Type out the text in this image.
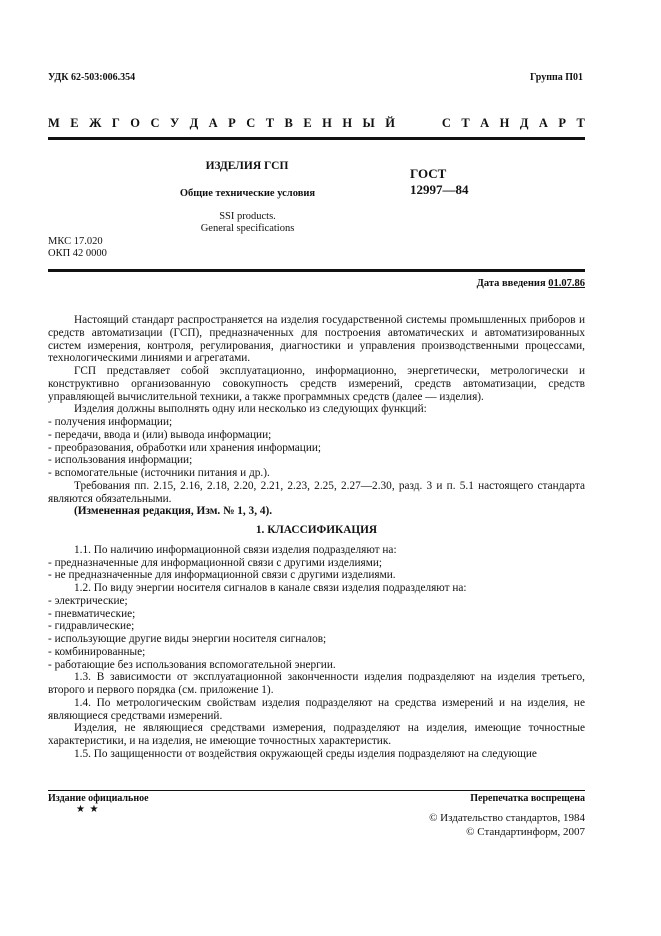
УДК 62-503:006.354	Группа П01
М Е Ж Г О С У Д А Р С Т В Е Н Н Ы Й	С Т А Н Д А Р Т
ИЗДЕЛИЯ ГСП
Общие технические условия
SSI products.
General specifications
ГОСТ
12997—84
МКС 17.020
ОКП 42 0000
Дата введения 01.07.86

Настоящий стандарт распространяется на изделия государственной системы промышленных приборов и средств автоматизации (ГСП), предназначенных для построения автоматических и автоматизированных систем измерения, контроля, регулирования, диагностики и управления производственными процессами, технологическими линиями и агрегатами.

ГСП представляет собой эксплуатационно, информационно, энергетически, метрологически и конструктивно организованную совокупность средств измерений, средств автоматизации, средств управляющей вычислительной техники, а также программных средств (далее — изделия).

Изделия должны выполнять одну или несколько из следующих функций:

- получения информации;

- передачи, ввода и (или) вывода информации;

- преобразования, обработки или хранения информации;

- использования информации;

- вспомогательные (источники питания и др.).

Требования пп. 2.15, 2.16, 2.18, 2.20, 2.21, 2.23, 2.25, 2.27—2.30, разд. 3 и п. 5.1 настоящего стандарта являются обязательными.

(Измененная редакция, Изм. № 1, 3, 4).

1. КЛАССИФИКАЦИЯ

1.1. По наличию информационной связи изделия подразделяют на:

- предназначенные для информационной связи с другими изделиями;

- не предназначенные для информационной связи с другими изделиями.

1.2. По виду энергии носителя сигналов в канале связи изделия подразделяют на:

- электрические;

- пневматические;

- гидравлические;

- использующие другие виды энергии носителя сигналов;

- комбинированные;

- работающие без использования вспомогательной энергии.

1.3. В зависимости от эксплуатационной законченности изделия подразделяют на изделия третьего, второго и первого порядка (см. приложение 1).

1.4. По метрологическим свойствам изделия подразделяют на средства измерений и на изделия, не являющиеся средствами измерений.

Изделия, не являющиеся средствами измерения, подразделяют на изделия, имеющие точностные характеристики, и на изделия, не имеющие точностных характеристик.

1.5. По защищенности от воздействия окружающей среды изделия подразделяют на следующие

Издание официальное	Перепечатка воспрещена
★ ★
© Издательство стандартов, 1984
© Стандартинформ, 2007
